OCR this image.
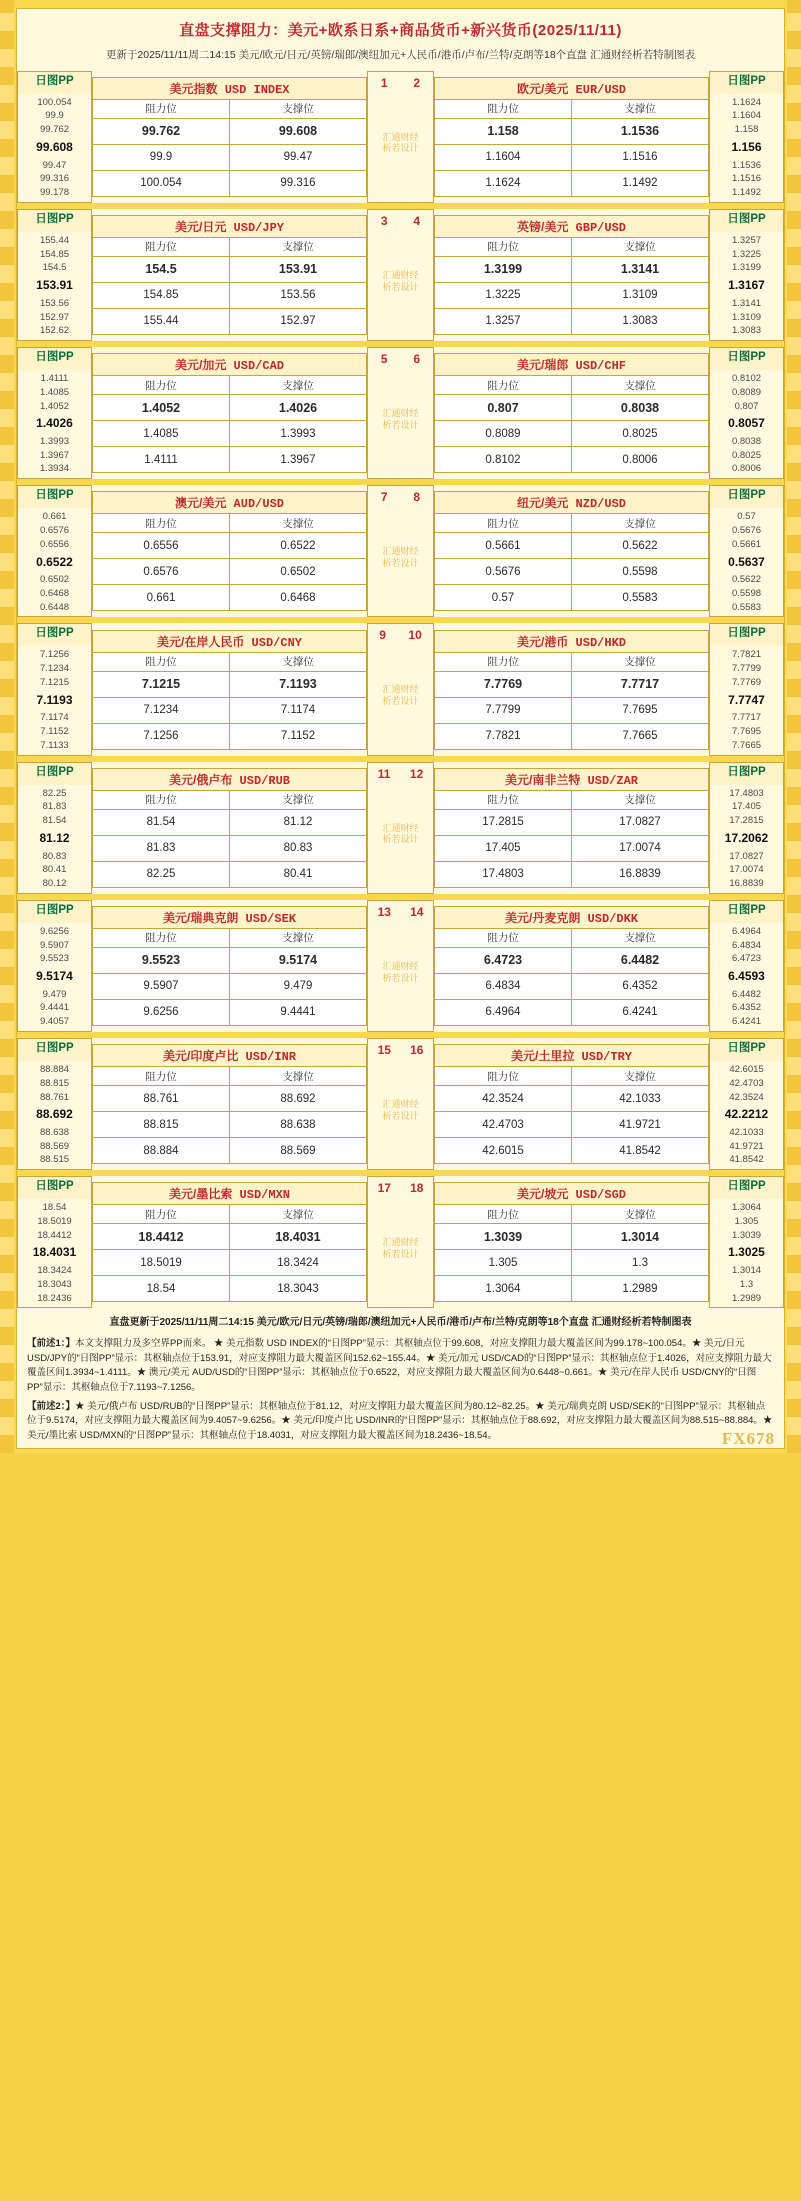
直盘支撑阻力：美元+欧系日系+商品货币+新兴货币(2025/11/11)
更新于2025/11/11周二14:15 美元/欧元/日元/英镑/瑞郎/澳纽加元+人民币/港币/卢布/兰特/克朗等18个直盘 汇通财经析若特制图表
日图PP
100.054
99.9
99.762
99.608
99.47
99.316
99.178

美元指数 USD INDEX
阻力位	支撑位
99.762	99.608
99.9	99.47
100.054	99.316

1 2
汇通财经
析若设计

欧元/美元 EUR/USD
阻力位	支撑位
1.158	1.1536
1.1604	1.1516
1.1624	1.1492

日图PP
1.1624
1.1604
1.158
1.156
1.1536
1.1516
1.1492
日图PP
155.44
154.85
154.5
153.91
153.56
152.97
152.62

美元/日元 USD/JPY
阻力位	支撑位
154.5	153.91
154.85	153.56
155.44	152.97

3 4
汇通财经
析若设计

英镑/美元 GBP/USD
阻力位	支撑位
1.3199	1.3141
1.3225	1.3109
1.3257	1.3083

日图PP
1.3257
1.3225
1.3199
1.3167
1.3141
1.3109
1.3083
日图PP
1.4111
1.4085
1.4052
1.4026
1.3993
1.3967
1.3934

美元/加元 USD/CAD
阻力位	支撑位
1.4052	1.4026
1.4085	1.3993
1.4111	1.3967

5 6
汇通财经
析若设计

美元/瑞郎 USD/CHF
阻力位	支撑位
0.807	0.8038
0.8089	0.8025
0.8102	0.8006

日图PP
0.8102
0.8089
0.807
0.8057
0.8038
0.8025
0.8006
日图PP
0.661
0.6576
0.6556
0.6522
0.6502
0.6468
0.6448

澳元/美元 AUD/USD
阻力位	支撑位
0.6556	0.6522
0.6576	0.6502
0.661	0.6468

7 8
汇通财经
析若设计

纽元/美元 NZD/USD
阻力位	支撑位
0.5661	0.5622
0.5676	0.5598
0.57	0.5583

日图PP
0.57
0.5676
0.5661
0.5637
0.5622
0.5598
0.5583
日图PP
7.1256
7.1234
7.1215
7.1193
7.1174
7.1152
7.1133

美元/在岸人民币 USD/CNY
阻力位	支撑位
7.1215	7.1193
7.1234	7.1174
7.1256	7.1152

9 10
汇通财经
析若设计

美元/港币 USD/HKD
阻力位	支撑位
7.7769	7.7717
7.7799	7.7695
7.7821	7.7665

日图PP
7.7821
7.7799
7.7769
7.7747
7.7717
7.7695
7.7665
日图PP
82.25
81.83
81.54
81.12
80.83
80.41
80.12

美元/俄卢布 USD/RUB
阻力位	支撑位
81.54	81.12
81.83	80.83
82.25	80.41

11 12
汇通财经
析若设计

美元/南非兰特 USD/ZAR
阻力位	支撑位
17.2815	17.0827
17.405	17.0074
17.4803	16.8839

日图PP
17.4803
17.405
17.2815
17.2062
17.0827
17.0074
16.8839
日图PP
9.6256
9.5907
9.5523
9.5174
9.479
9.4441
9.4057

美元/瑞典克朗 USD/SEK
阻力位	支撑位
9.5523	9.5174
9.5907	9.479
9.6256	9.4441

13 14
汇通财经
析若设计

美元/丹麦克朗 USD/DKK
阻力位	支撑位
6.4723	6.4482
6.4834	6.4352
6.4964	6.4241

日图PP
6.4964
6.4834
6.4723
6.4593
6.4482
6.4352
6.4241
日图PP
88.884
88.815
88.761
88.692
88.638
88.569
88.515

美元/印度卢比 USD/INR
阻力位	支撑位
88.761	88.692
88.815	88.638
88.884	88.569

15 16
汇通财经
析若设计

美元/土里拉 USD/TRY
阻力位	支撑位
42.3524	42.1033
42.4703	41.9721
42.6015	41.8542

日图PP
42.6015
42.4703
42.3524
42.2212
42.1033
41.9721
41.8542
日图PP
18.54
18.5019
18.4412
18.4031
18.3424
18.3043
18.2436

美元/墨比索 USD/MXN
阻力位	支撑位
18.4412	18.4031
18.5019	18.3424
18.54	18.3043

17 18
汇通财经
析若设计

美元/坡元 USD/SGD
阻力位	支撑位
1.3039	1.3014
1.305	1.3
1.3064	1.2989

日图PP
1.3064
1.305
1.3039
1.3025
1.3014
1.3
1.2989
直盘更新于2025/11/11周二14:15 美元/欧元/日元/英镑/瑞郎/澳纽加元+人民币/港币/卢布/兰特/克朗等18个直盘 汇通财经析若特制图表
【前述1：】本文支撑阻力及多空界PP而来。 ★ 美元指数 USD INDEX的“日图PP”显示：其枢轴点位于99.608，对应支撑阻力最大覆盖区间为99.178~100.054。★ 美元/日元 USD/JPY的“日图PP”显示：其枢轴点位于153.91，对应支撑阻力最大覆盖区间152.62~155.44。★ 美元/加元 USD/CAD的“日图PP”显示：其枢轴点位于1.4026，对应支撑阻力最大覆盖区间1.3934~1.4111。★ 澳元/美元 AUD/USD的“日图PP”显示：其枢轴点位于0.6522，对应支撑阻力最大覆盖区间为0.6448~0.661。★ 美元/在岸人民币 USD/CNY的“日图PP”显示：其枢轴点位于7.1193~7.1256。
【前述2：】★ 美元/俄卢布 USD/RUB的“日图PP”显示：其枢轴点位于81.12，对应支撑阻力最大覆盖区间为80.12~82.25。★ 美元/瑞典克朗 USD/SEK的“日图PP”显示：其枢轴点位于9.5174，对应支撑阻力最大覆盖区间为9.4057~9.6256。★ 美元/印度卢比 USD/INR的“日图PP”显示：其枢轴点位于88.692，对应支撑阻力最大覆盖区间为88.515~88.884。★ 美元/墨比索 USD/MXN的“日图PP”显示：其枢轴点位于18.4031，对应支撑阻力最大覆盖区间为18.2436~18.54。	FX678
